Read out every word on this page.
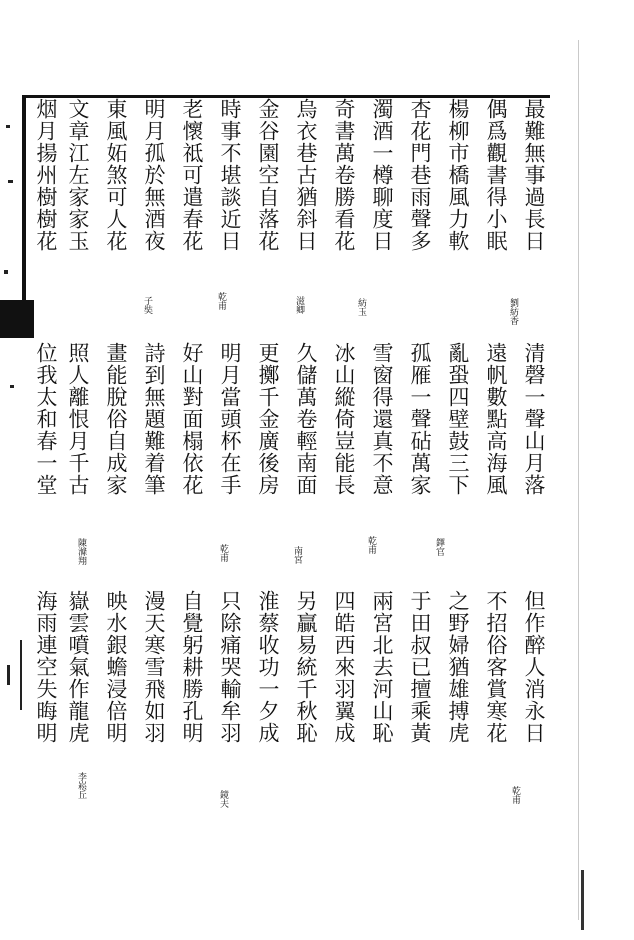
最難無事過長日
偶爲觀書得小眠
楊柳市橋風力軟
杏花門巷雨聲多
濁酒一樽聊度日
奇書萬卷勝看花
烏衣巷古猶斜日
金谷園空自落花
時事不堪談近日
老懷祗可遣春花
明月孤於無酒夜
東風妬煞可人花
文章江左家家玉
烟月揚州樹樹花
劉紡香
紡玉
滋卿
乾甫
子奘
清磬一聲山月落
遠帆數點高海風
亂蛩四壁鼓三下
孤雁一聲砧萬家
雪窗得還真不意
冰山縱倚豈能長
久儲萬卷輕南面
更擲千金廣後房
明月當頭杯在手
好山對面榻依花
詩到無題難着筆
畫能脫俗自成家
照人離恨月千古
位我太和春一堂
鐸官
乾甫
南宮
乾甫
陳滌翔
但作醉人消永日
不招俗客賞寒花
之野婦猶雄搏虎
于田叔已擅乘黃
兩宮北去河山恥
四皓西來羽翼成
另贏易統千秋恥
淮蔡收功一夕成
只除痛哭輸牟羽
自覺躬耕勝孔明
漫天寒雪飛如羽
映水銀蟾浸倍明
嶽雲噴氣作龍虎
海雨連空失晦明
乾甫
鏡夫
李崧丘
